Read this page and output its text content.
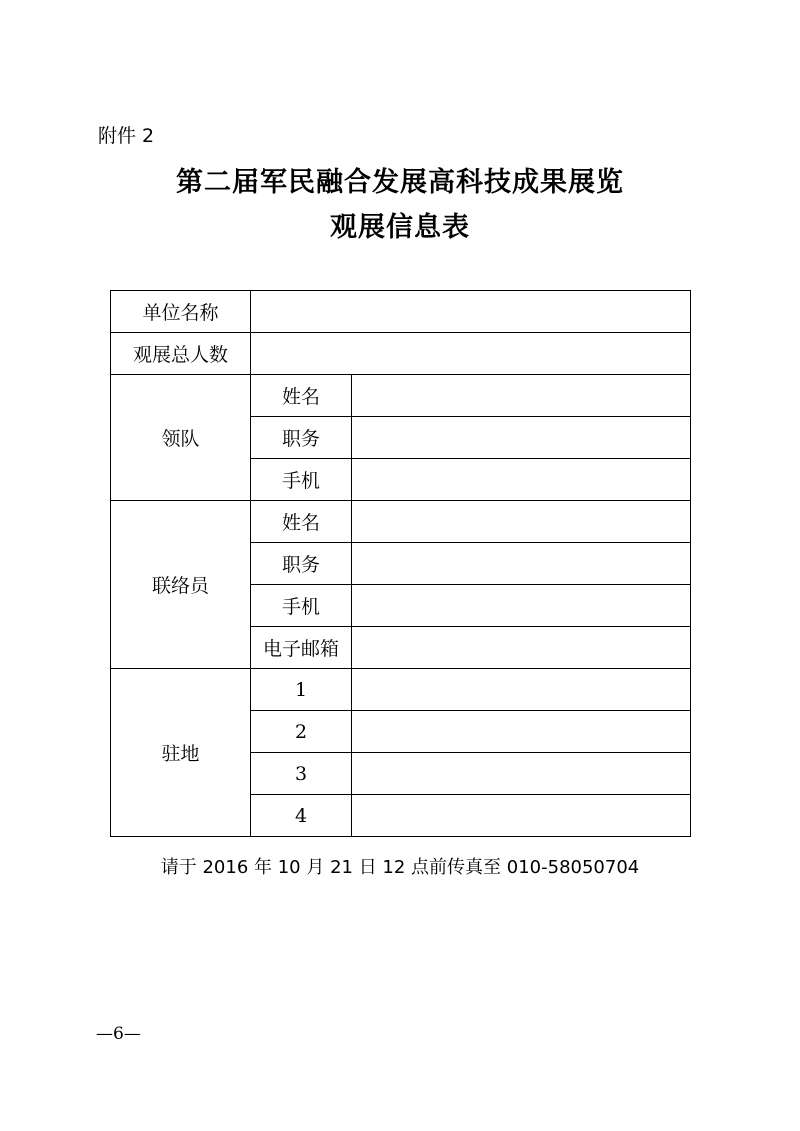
附件 2
第二届军民融合发展高科技成果展览
观展信息表
单位名称		
观展总人数		
领队	姓名	
	职务	
	手机	
联络员	姓名	
	职务	
	手机	
	电子邮箱	
驻地	1	
	2	
	3	
	4	
请于 2016 年 10 月 21 日 12 点前传真至 010-58050704
—6—
